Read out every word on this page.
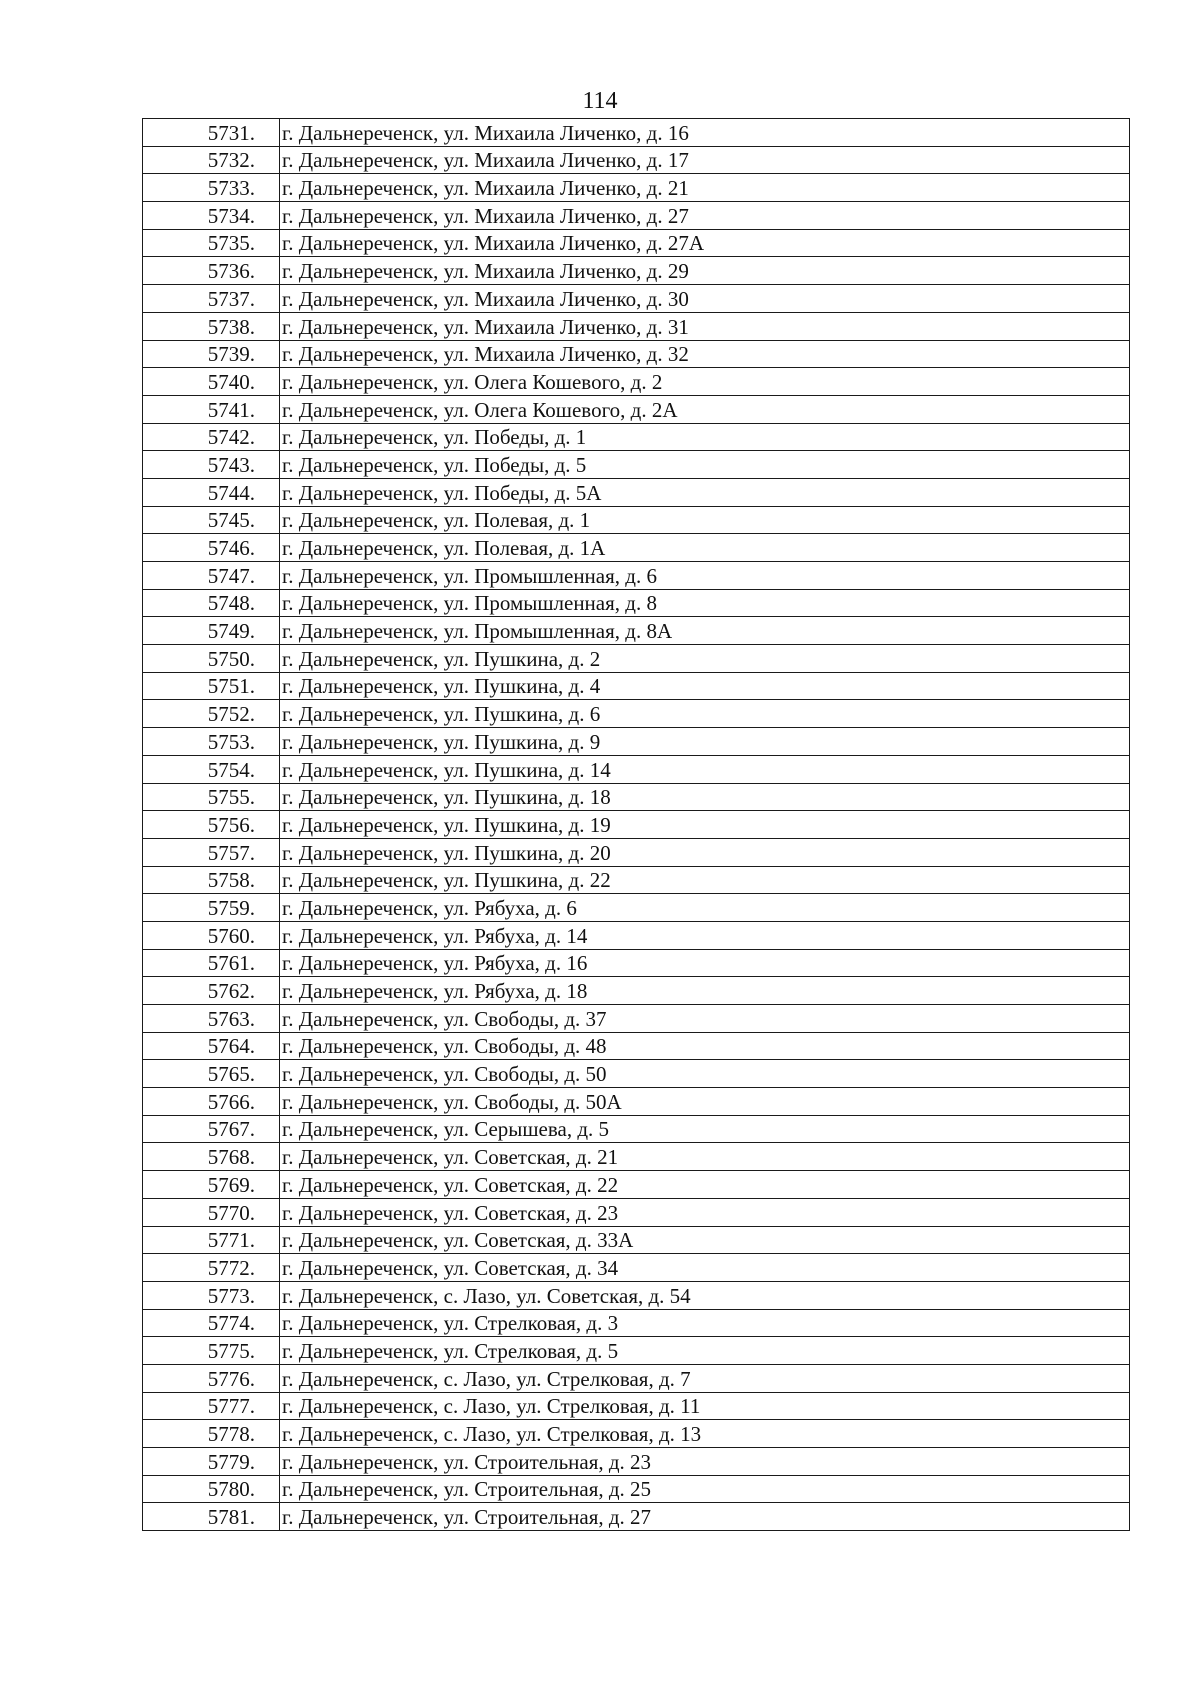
114
5731.	г. Дальнереченск, ул. Михаила Личенко, д. 16
5732.	г. Дальнереченск, ул. Михаила Личенко, д. 17
5733.	г. Дальнереченск, ул. Михаила Личенко, д. 21
5734.	г. Дальнереченск, ул. Михаила Личенко, д. 27
5735.	г. Дальнереченск, ул. Михаила Личенко, д. 27А
5736.	г. Дальнереченск, ул. Михаила Личенко, д. 29
5737.	г. Дальнереченск, ул. Михаила Личенко, д. 30
5738.	г. Дальнереченск, ул. Михаила Личенко, д. 31
5739.	г. Дальнереченск, ул. Михаила Личенко, д. 32
5740.	г. Дальнереченск, ул. Олега Кошевого, д. 2
5741.	г. Дальнереченск, ул. Олега Кошевого, д. 2А
5742.	г. Дальнереченск, ул. Победы, д. 1
5743.	г. Дальнереченск, ул. Победы, д. 5
5744.	г. Дальнереченск, ул. Победы, д. 5А
5745.	г. Дальнереченск, ул. Полевая, д. 1
5746.	г. Дальнереченск, ул. Полевая, д. 1А
5747.	г. Дальнереченск, ул. Промышленная, д. 6
5748.	г. Дальнереченск, ул. Промышленная, д. 8
5749.	г. Дальнереченск, ул. Промышленная, д. 8А
5750.	г. Дальнереченск, ул. Пушкина, д. 2
5751.	г. Дальнереченск, ул. Пушкина, д. 4
5752.	г. Дальнереченск, ул. Пушкина, д. 6
5753.	г. Дальнереченск, ул. Пушкина, д. 9
5754.	г. Дальнереченск, ул. Пушкина, д. 14
5755.	г. Дальнереченск, ул. Пушкина, д. 18
5756.	г. Дальнереченск, ул. Пушкина, д. 19
5757.	г. Дальнереченск, ул. Пушкина, д. 20
5758.	г. Дальнереченск, ул. Пушкина, д. 22
5759.	г. Дальнереченск, ул. Рябуха, д. 6
5760.	г. Дальнереченск, ул. Рябуха, д. 14
5761.	г. Дальнереченск, ул. Рябуха, д. 16
5762.	г. Дальнереченск, ул. Рябуха, д. 18
5763.	г. Дальнереченск, ул. Свободы, д. 37
5764.	г. Дальнереченск, ул. Свободы, д. 48
5765.	г. Дальнереченск, ул. Свободы, д. 50
5766.	г. Дальнереченск, ул. Свободы, д. 50А
5767.	г. Дальнереченск, ул. Серышева, д. 5
5768.	г. Дальнереченск, ул. Советская, д. 21
5769.	г. Дальнереченск, ул. Советская, д. 22
5770.	г. Дальнереченск, ул. Советская, д. 23
5771.	г. Дальнереченск, ул. Советская, д. 33А
5772.	г. Дальнереченск, ул. Советская, д. 34
5773.	г. Дальнереченск, с. Лазо, ул. Советская, д. 54
5774.	г. Дальнереченск, ул. Стрелковая, д. 3
5775.	г. Дальнереченск, ул. Стрелковая, д. 5
5776.	г. Дальнереченск, с. Лазо, ул. Стрелковая, д. 7
5777.	г. Дальнереченск, с. Лазо, ул. Стрелковая, д. 11
5778.	г. Дальнереченск, с. Лазо, ул. Стрелковая, д. 13
5779.	г. Дальнереченск, ул. Строительная, д. 23
5780.	г. Дальнереченск, ул. Строительная, д. 25
5781.	г. Дальнереченск, ул. Строительная, д. 27
